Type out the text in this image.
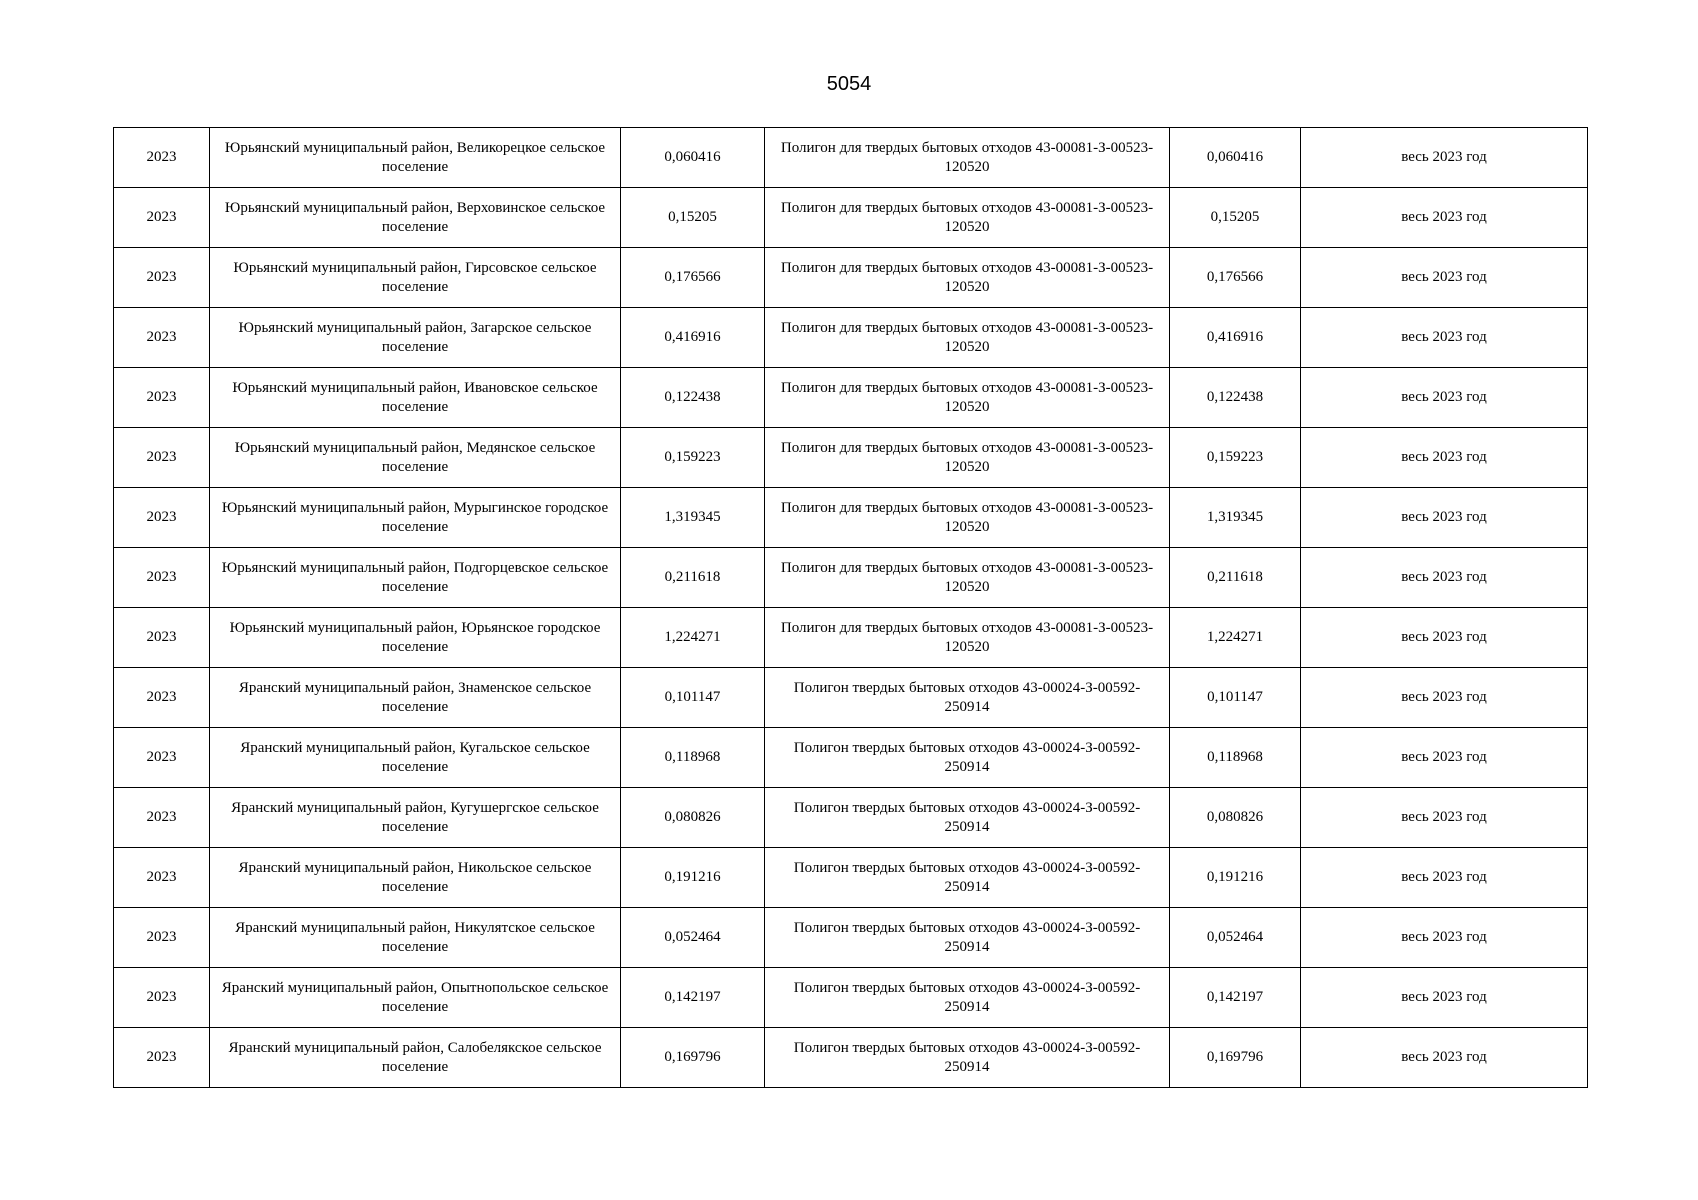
5054
2023	Юрьянский муниципальный район, Великорецкое сельское поселение	0,060416	Полигон для твердых бытовых отходов 43-00081-З-00523-120520	0,060416	весь 2023 год
2023	Юрьянский муниципальный район, Верховинское сельское поселение	0,15205	Полигон для твердых бытовых отходов 43-00081-З-00523-120520	0,15205	весь 2023 год
2023	Юрьянский муниципальный район, Гирсовское сельское поселение	0,176566	Полигон для твердых бытовых отходов 43-00081-З-00523-120520	0,176566	весь 2023 год
2023	Юрьянский муниципальный район, Загарское сельское поселение	0,416916	Полигон для твердых бытовых отходов 43-00081-З-00523-120520	0,416916	весь 2023 год
2023	Юрьянский муниципальный район, Ивановское сельское поселение	0,122438	Полигон для твердых бытовых отходов 43-00081-З-00523-120520	0,122438	весь 2023 год
2023	Юрьянский муниципальный район, Медянское сельское поселение	0,159223	Полигон для твердых бытовых отходов 43-00081-З-00523-120520	0,159223	весь 2023 год
2023	Юрьянский муниципальный район, Мурыгинское городское поселение	1,319345	Полигон для твердых бытовых отходов 43-00081-З-00523-120520	1,319345	весь 2023 год
2023	Юрьянский муниципальный район, Подгорцевское сельское поселение	0,211618	Полигон для твердых бытовых отходов 43-00081-З-00523-120520	0,211618	весь 2023 год
2023	Юрьянский муниципальный район, Юрьянское городское поселение	1,224271	Полигон для твердых бытовых отходов 43-00081-З-00523-120520	1,224271	весь 2023 год
2023	Яранский муниципальный район, Знаменское сельское поселение	0,101147	Полигон твердых бытовых отходов 43-00024-З-00592-250914	0,101147	весь 2023 год
2023	Яранский муниципальный район, Кугальское сельское поселение	0,118968	Полигон твердых бытовых отходов 43-00024-З-00592-250914	0,118968	весь 2023 год
2023	Яранский муниципальный район, Кугушергское сельское поселение	0,080826	Полигон твердых бытовых отходов 43-00024-З-00592-250914	0,080826	весь 2023 год
2023	Яранский муниципальный район, Никольское сельское поселение	0,191216	Полигон твердых бытовых отходов 43-00024-З-00592-250914	0,191216	весь 2023 год
2023	Яранский муниципальный район, Никулятское сельское поселение	0,052464	Полигон твердых бытовых отходов 43-00024-З-00592-250914	0,052464	весь 2023 год
2023	Яранский муниципальный район, Опытнопольское сельское поселение	0,142197	Полигон твердых бытовых отходов 43-00024-З-00592-250914	0,142197	весь 2023 год
2023	Яранский муниципальный район, Салобелякское сельское поселение	0,169796	Полигон твердых бытовых отходов 43-00024-З-00592-250914	0,169796	весь 2023 год
